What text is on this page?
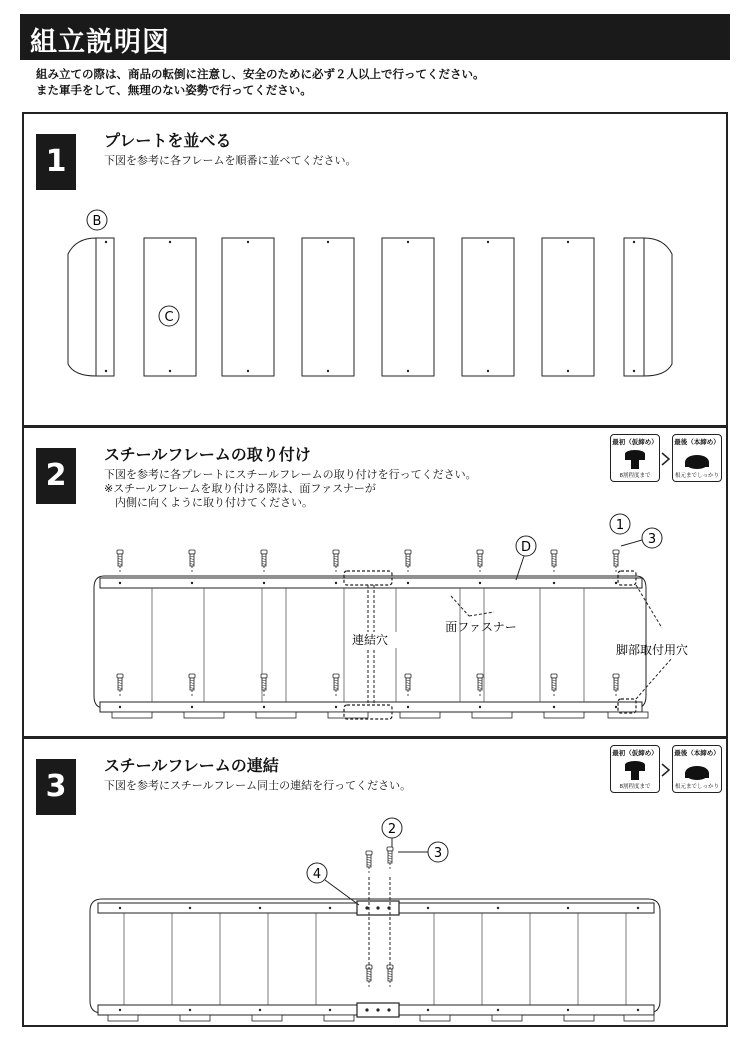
組立説明図
組み立ての際は、商品の転倒に注意し、安全のために必ず２人以上で行ってください。
また軍手をして、無理のない姿勢で行ってください。
1
プレートを並べる
下図を参考に各フレームを順番に並べてください。
B
C
2
スチールフレームの取り付け
下図を参考に各プレートにスチールフレームの取り付けを行ってください。
※スチールフレームを取り付ける際は、面ファスナーが
　内側に向くように取り付けてください。
最初（仮締め）
8割程度まで
最後（本締め）
根元までしっかり
連結穴
脚部取付用穴
面ファスナー
D
1
3
3
スチールフレームの連結
下図を参考にスチールフレーム同士の連結を行ってください。
最初（仮締め）
8割程度まで
最後（本締め）
根元までしっかり
2
3
4
